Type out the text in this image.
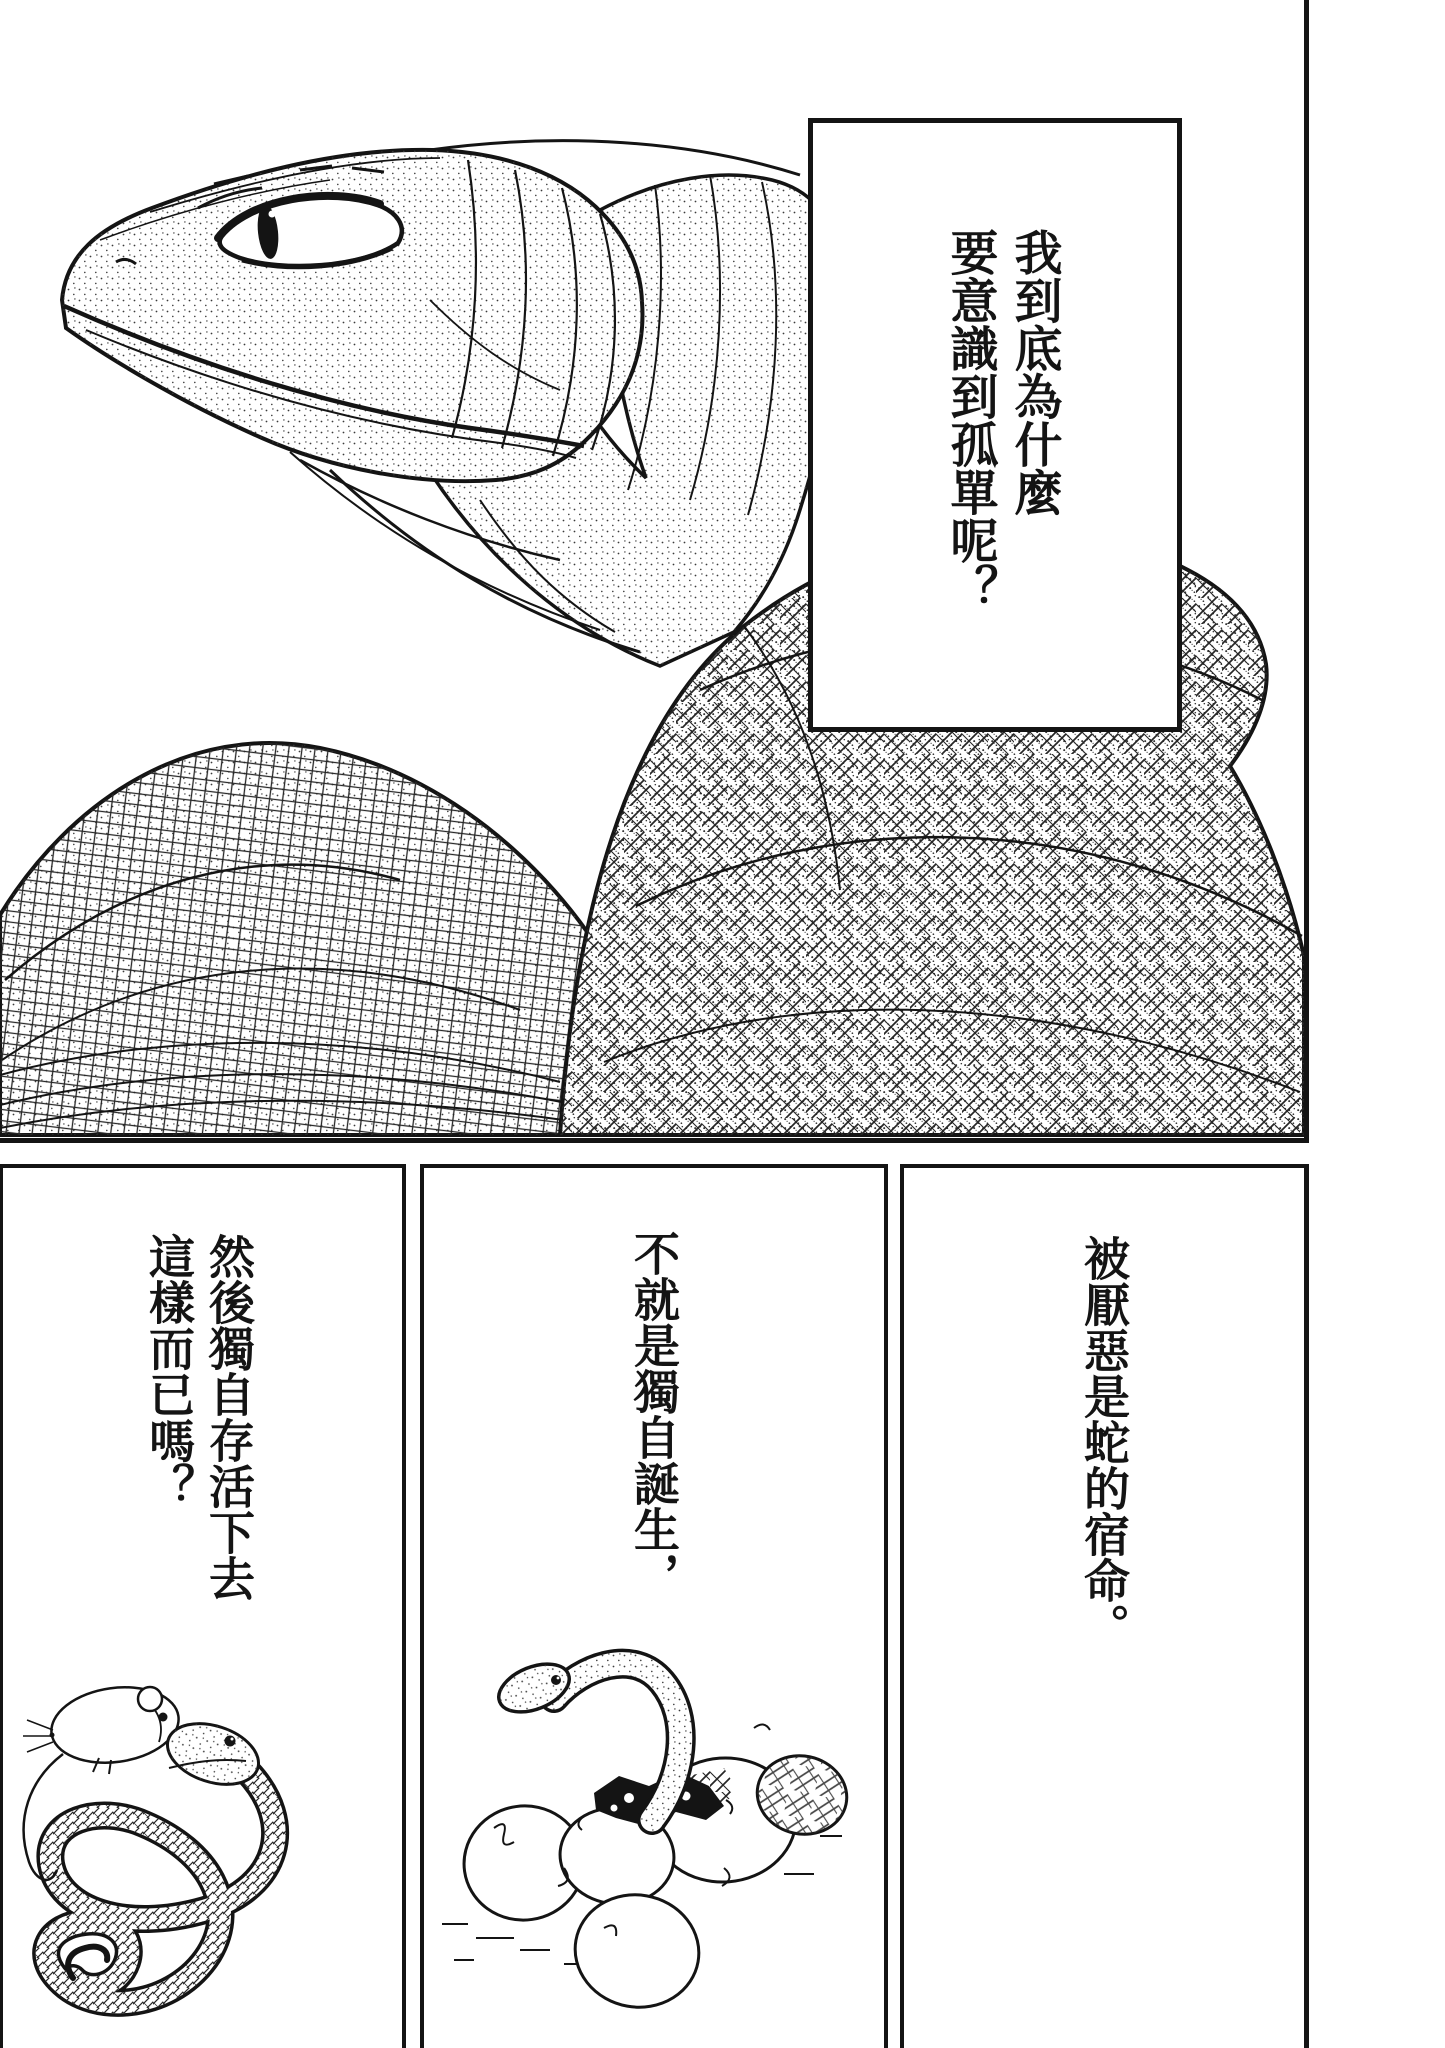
我到底為什麼
要意識到孤單呢？
然後獨自存活下去
這樣而已嗎？	不就是獨自誕生，	被厭惡是蛇的宿命。
